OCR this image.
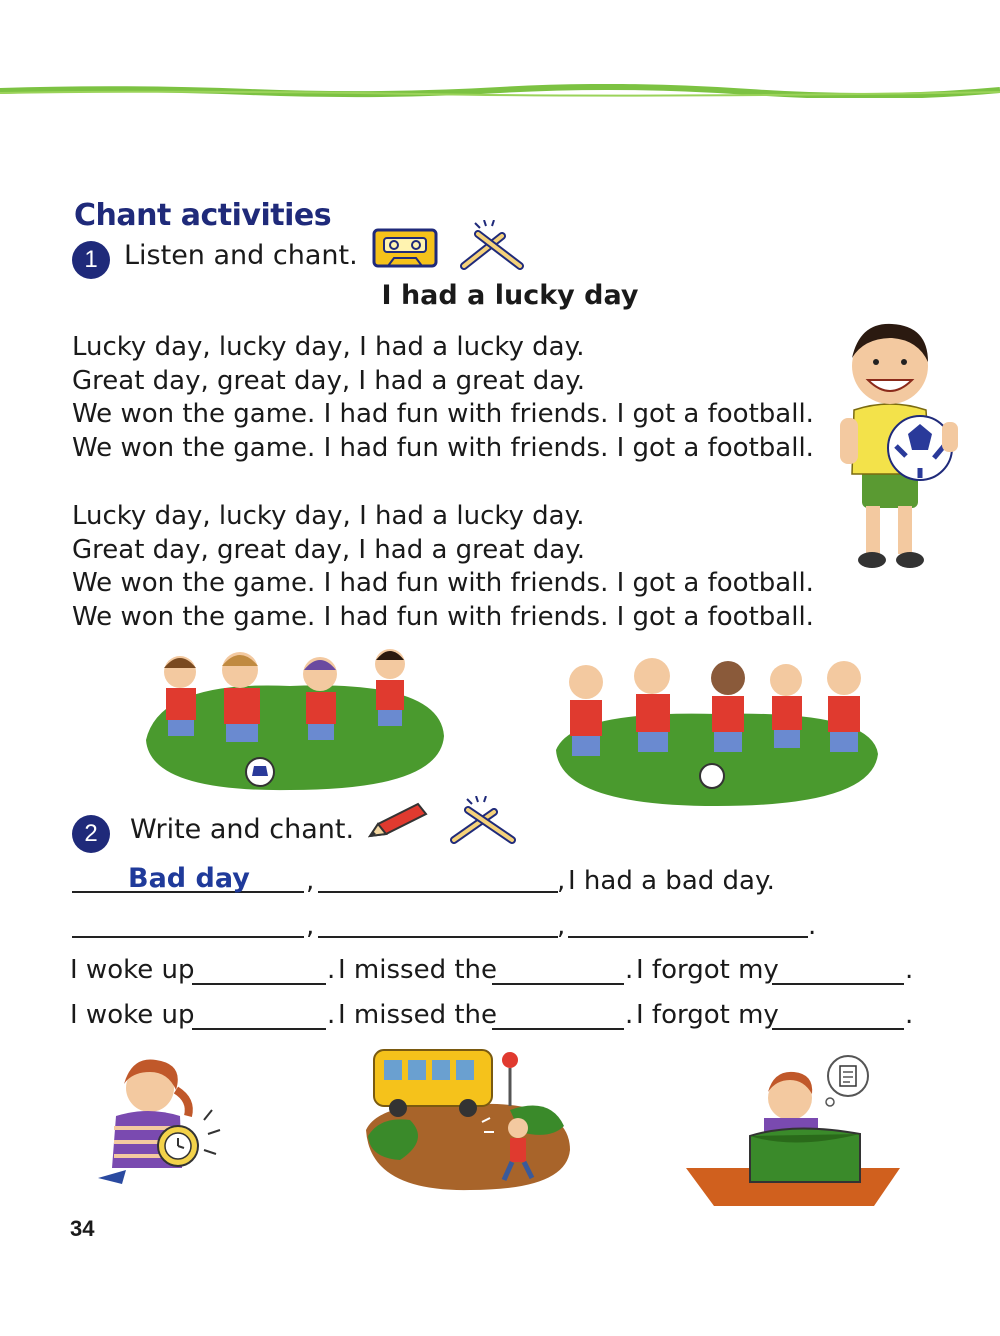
Chant activities
1 Listen and chant.
I had a lucky day
Lucky day, lucky day, I had a lucky day.
Great day, great day, I had a great day.
We won the game. I had fun with friends. I got a football.
We won the game. I had fun with friends. I got a football.
Lucky day, lucky day, I had a lucky day.
Great day, great day, I had a great day.
We won the game. I had fun with friends. I got a football.
We won the game. I had fun with friends. I got a football.
2	Write and chant.
Bad day ,	, I had a bad day.
,	,	.
I woke up	. I missed the	. I forgot my	.
I woke up	. I missed the	. I forgot my	.
34
